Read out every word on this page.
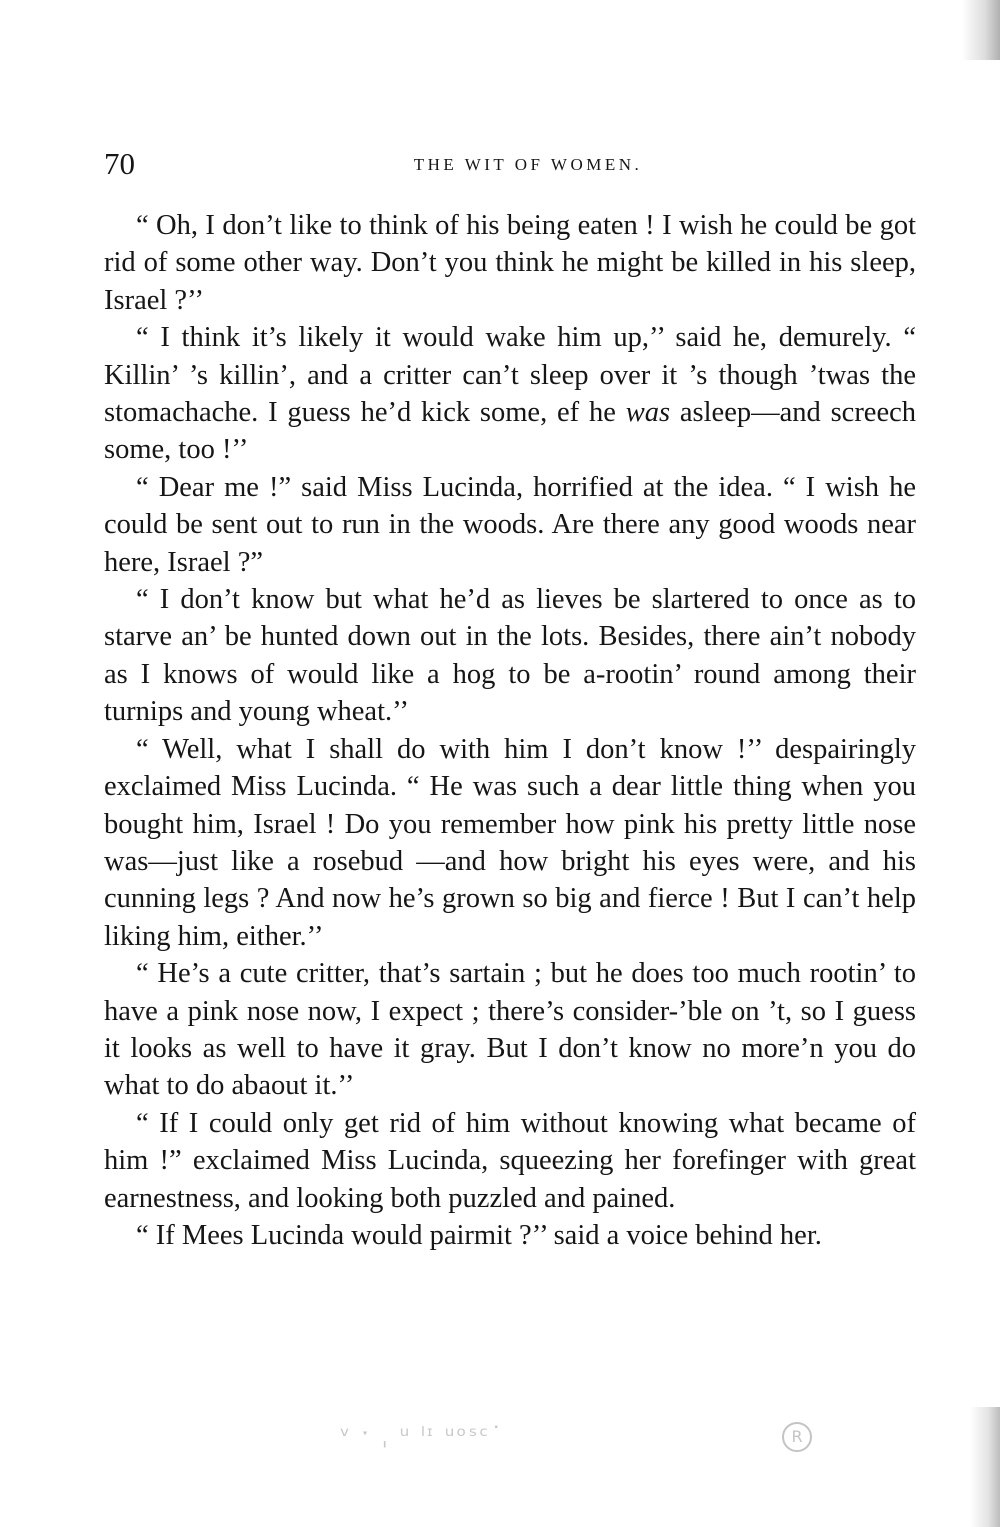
70	THE WIT OF WOMEN.

“ Oh, I don’t like to think of his being eaten ! I wish he could be got rid of some other way. Don’t you think he might be killed in his sleep, Israel ?’’

“ I think it’s likely it would wake him up,’’ said he, demurely. “ Killin’ ’s killin’, and a critter can’t sleep over it ’s though ’twas the stomachache. I guess he’d kick some, ef he was asleep—and screech some, too !’’

“ Dear me !” said Miss Lucinda, horrified at the idea. “ I wish he could be sent out to run in the woods. Are there any good woods near here, Israel ?”

“ I don’t know but what he’d as lieves be slartered to once as to starve an’ be hunted down out in the lots. Besides, there ain’t nobody as I knows of would like a hog to be a-rootin’ round among their turnips and young wheat.’’

“ Well, what I shall do with him I don’t know !’’ despairingly exclaimed Miss Lucinda. “ He was such a dear little thing when you bought him, Israel ! Do you remember how pink his pretty little nose was—just like a rosebud —and how bright his eyes were, and his cunning legs ? And now he’s grown so big and fierce ! But I can’t help liking him, either.’’

“ He’s a cute critter, that’s sartain ; but he does too much rootin’ to have a pink nose now, I expect ; there’s consider-’ble on ’t, so I guess it looks as well to have it gray. But I don’t know no more’n you do what to do abaout it.’’

“ If I could only get rid of him without knowing what became of him !” exclaimed Miss Lucinda, squeezing her forefinger with great earnestness, and looking both puzzled and pained.

“ If Mees Lucinda would pairmit ?’’ said a voice behind her.

ᵛ ˑ ˌ ᵘ ˡᶦ ᵘᵒˢᶜ˙	R
